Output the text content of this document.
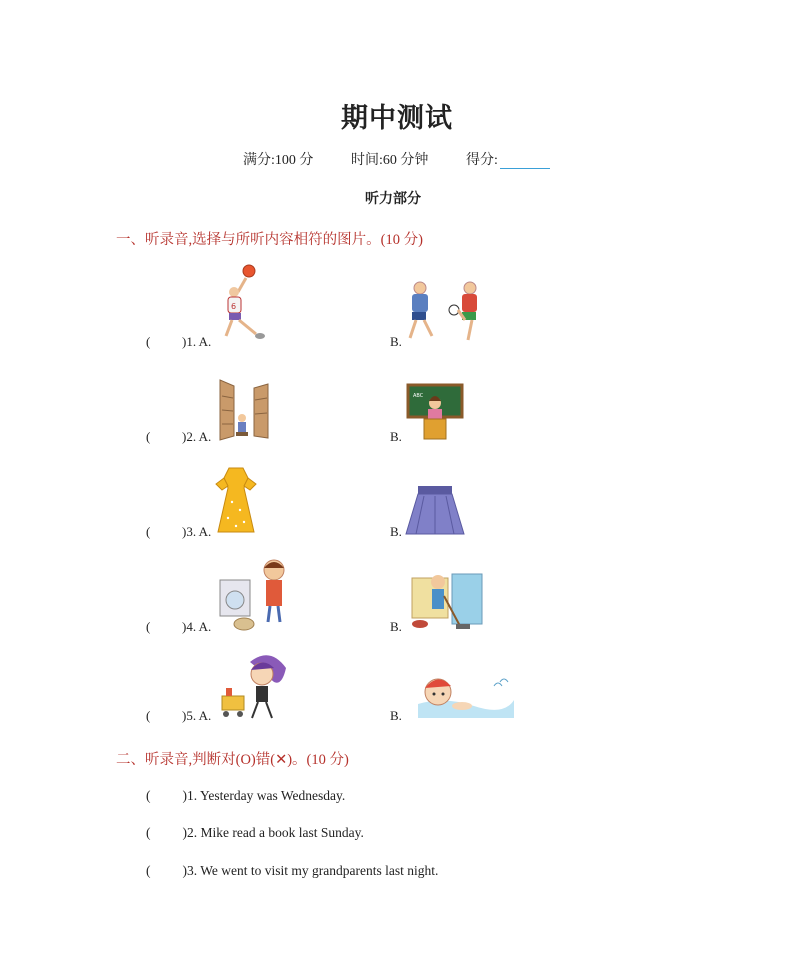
期中测试
满分:100 分	时间:60 分钟	得分:
听力部分
一、听录音,选择与所听内容相符的图片。(10 分)
( )1. A.	B.
6
( )2. A.	B.
ABC
( )3. A.	B.
( )4. A.	B.
( )5. A.	B.
二、听录音,判断对(O)错(✕)。(10 分)
( )1. Yesterday was Wednesday.
( )2. Mike read a book last Sunday.
( )3. We went to visit my grandparents last night.
